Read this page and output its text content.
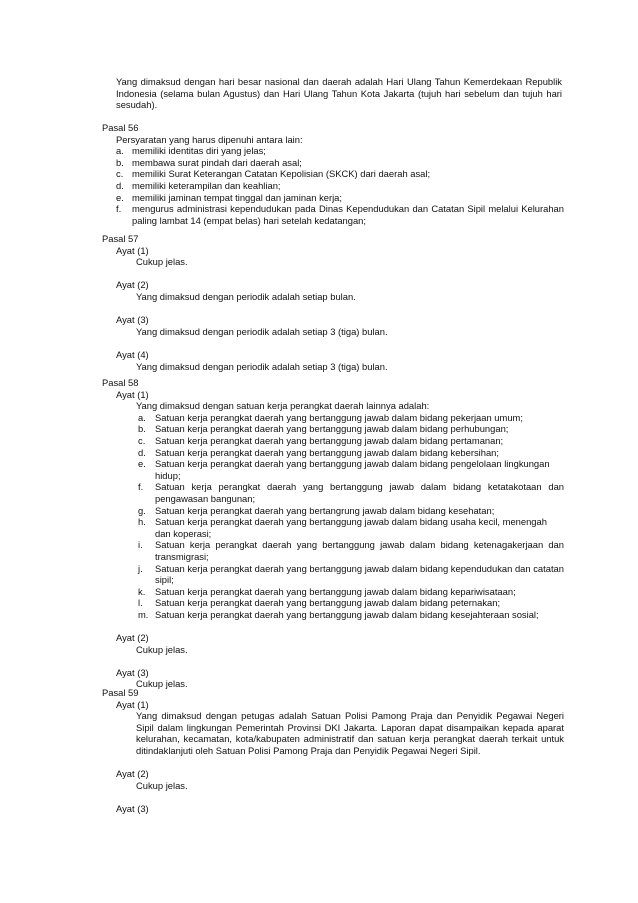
Yang dimaksud dengan hari besar nasional dan daerah adalah Hari Ulang Tahun Kemerdekaan Republik Indonesia (selama bulan Agustus) dan Hari Ulang Tahun Kota Jakarta (tujuh hari sebelum dan tujuh hari sesudah).
Pasal 56
Persyaratan yang harus dipenuhi antara lain:
a. memiliki identitas diri yang jelas;
b. membawa surat pindah dari daerah asal;
c. memiliki Surat Keterangan Catatan Kepolisian (SKCK) dari daerah asal;
d. memiliki keterampilan dan keahlian;
e. memiliki jaminan tempat tinggal dan jaminan kerja;
f. mengurus administrasi kependudukan pada Dinas Kependudukan dan Catatan Sipil melalui Kelurahan paling lambat 14 (empat belas) hari setelah kedatangan;
Pasal 57
Ayat (1)
Cukup jelas.
Ayat (2)
Yang dimaksud dengan periodik adalah setiap bulan.
Ayat (3)
Yang dimaksud dengan periodik adalah setiap 3 (tiga) bulan.
Ayat (4)
Yang dimaksud dengan periodik adalah setiap 3 (tiga) bulan.
Pasal 58
Ayat (1)
Yang dimaksud dengan satuan kerja perangkat daerah lainnya adalah:
a. Satuan kerja perangkat daerah yang bertanggung jawab dalam bidang pekerjaan umum;
b. Satuan kerja perangkat daerah yang bertanggung jawab dalam bidang perhubungan;
c. Satuan kerja perangkat daerah yang bertanggung jawab dalam bidang pertamanan;
d. Satuan kerja perangkat daerah yang bertanggung jawab dalam bidang kebersihan;
e. Satuan kerja perangkat daerah yang bertanggung jawab dalam bidang pengelolaan lingkungan hidup;
f. Satuan kerja perangkat daerah yang bertanggung jawab dalam bidang ketatakotaan dan pengawasan bangunan;
g. Satuan kerja perangkat daerah yang bertangrung jawab dalam bidang kesehatan;
h. Satuan kerja perangkat daerah yang bertanggung jawab dalam bidang usaha kecil, menengah dan koperasi;
i. Satuan kerja perangkat daerah yang bertanggung jawab dalam bidang ketenagakerjaan dan transmigrasi;
j. Satuan kerja perangkat daerah yang bertanggung jawab dalam bidang kependudukan dan catatan sipil;
k. Satuan kerja perangkat daerah yang bertanggung jawab dalam bidang kepariwisataan;
l. Satuan kerja perangkat daerah yang bertanggung jawab dalam bidang peternakan;
m. Satuan kerja perangkat daerah yang bertanggung jawab dalam bidang kesejahteraan sosial;
Ayat (2)
Cukup jelas.
Ayat (3)
Cukup jelas.
Pasal 59
Ayat (1)
Yang dimaksud dengan petugas adalah Satuan Polisi Pamong Praja dan Penyidik Pegawai Negeri Sipil dalam lingkungan Pemerintah Provinsi DKI Jakarta. Laporan dapat disampaikan kepada aparat kelurahan, kecamatan, kota/kabupaten administratif dan satuan kerja perangkat daerah terkait untuk ditindaklanjuti oleh Satuan Polisi Pamong Praja dan Penyidik Pegawai Negeri Sipil.
Ayat (2)
Cukup jelas.
Ayat (3)
